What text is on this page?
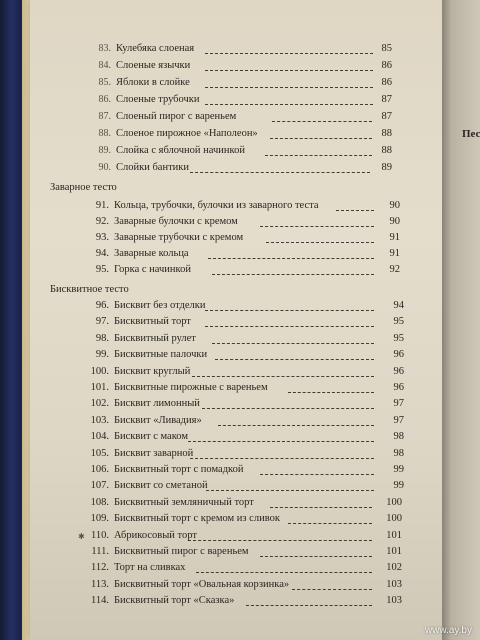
83. Кулебяка слоеная	85
84. Слоеные язычки	86
85. Яблоки в слойке	86
86. Слоеные трубочки	87
87. Слоеный пирог с вареньем	87
88. Слоеное пирожное «Наполеон»	88
89. Слойка с яблочной начинкой	88
90. Слойки бантики	89
Заварное тесто
91. Кольца, трубочки, булочки из заварного теста	90
92. Заварные булочки с кремом	90
93. Заварные трубочки с кремом	91
94. Заварные кольца	91
95. Горка с начинкой	92
Бисквитное тесто
96. Бисквит без отделки	94
97. Бисквитный торт	95
98. Бисквитный рулет	95
99. Бисквитные палочки	96
100. Бисквит круглый	96
101. Бисквитные пирожные с вареньем	96
102. Бисквит лимонный	97
103. Бисквит «Ливадия»	97
104. Бисквит с маком	98
105. Бисквит заварной	98
106. Бисквитный торт с помадкой	99
107. Бисквит со сметаной	99
108. Бисквитный земляничный торт	100
109. Бисквитный торт с кремом из сливок	100
110. Абрикосовый торт	101
111. Бисквитный пирог с вареньем	101
112. Торт на сливках	102
113. Бисквитный торт «Овальная корзинка»	103
114. Бисквитный торт «Сказка»	103
✱
Пес
www.ay.by
